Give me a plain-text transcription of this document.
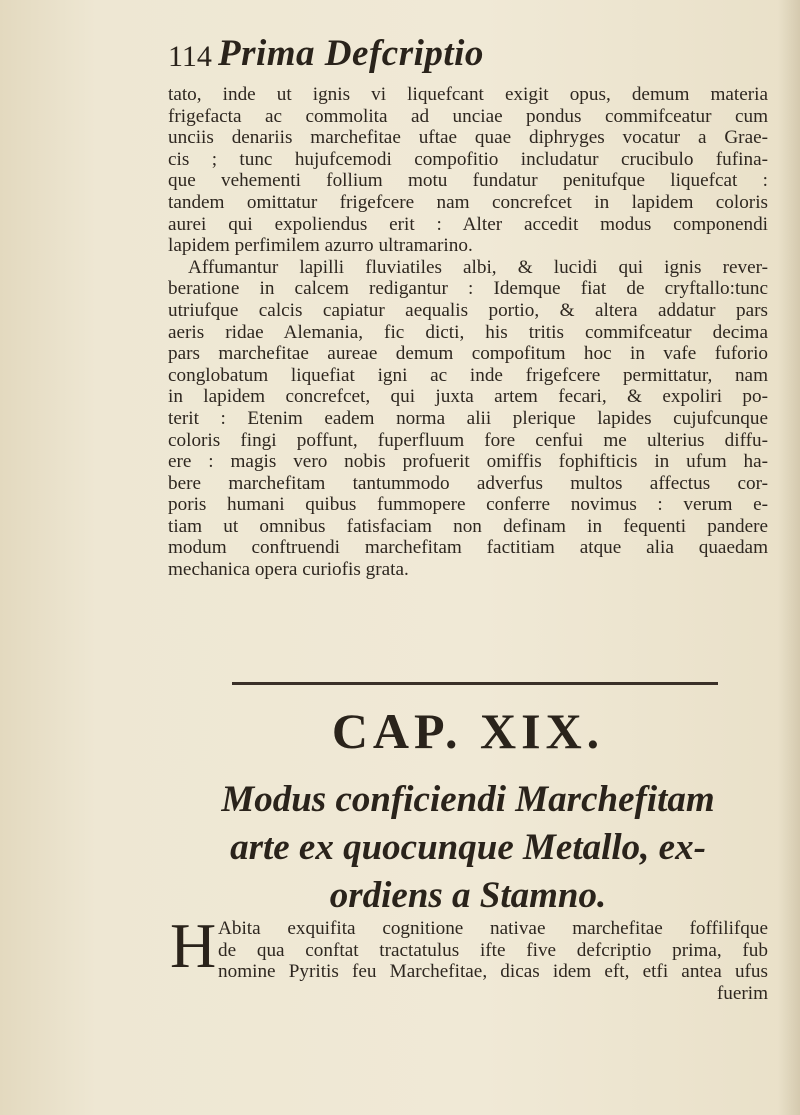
114 Prima Defcriptio
tato, inde ut ignis vi liquefcant exigit opus, demum materia
frigefacta ac commolita ad unciae pondus commifceatur cum
unciis denariis marchefitae uftae quae diphryges vocatur a Grae-
cis ; tunc hujufcemodi compofitio includatur crucibulo fufina-
que vehementi follium motu fundatur penitufque liquefcat :
tandem omittatur frigefcere nam concrefcet in lapidem coloris
aurei qui expoliendus erit : Alter accedit modus componendi
lapidem perfimilem azurro ultramarino.
Affumantur lapilli fluviatiles albi, & lucidi qui ignis rever-
beratione in calcem redigantur : Idemque fiat de cryftallo:tunc
utriufque calcis capiatur aequalis portio, & altera addatur pars
aeris ridae Alemania, fic dicti, his tritis commifceatur decima
pars marchefitae aureae demum compofitum hoc in vafe fuforio
conglobatum liquefiat igni ac inde frigefcere permittatur, nam
in lapidem concrefcet, qui juxta artem fecari, & expoliri po-
terit : Etenim eadem norma alii plerique lapides cujufcunque
coloris fingi poffunt, fuperfluum fore cenfui me ulterius diffu-
ere : magis vero nobis profuerit omiffis fophifticis in ufum ha-
bere marchefitam tantummodo adverfus multos affectus cor-
poris humani quibus fummopere conferre novimus : verum e-
tiam ut omnibus fatisfaciam non definam in fequenti pandere
modum conftruendi marchefitam factitiam atque alia quaedam
mechanica opera curiofis grata.
CAP. XIX.
Modus conficiendi Marchefitam
arte ex quocunque Metallo, ex-
ordiens a Stamno.
H Abita exquifita cognitione nativae marchefitae foffilifque
de qua conftat tractatulus ifte five defcriptio prima, fub
nomine Pyritis feu Marchefitae, dicas idem eft, etfi antea ufus
fuerim
